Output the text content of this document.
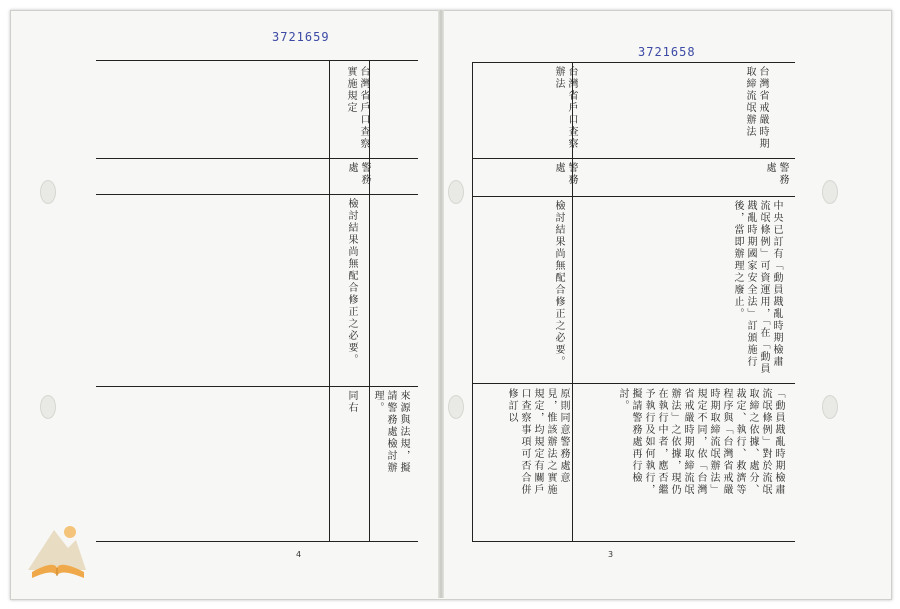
3721659
台灣省戶口查察實施規定
警務處
檢討結果尚無配合修正之必要。
同右	來源與法規，擬請警務處檢討辦理。
4
3721658
台灣省戶口查察辦法	台灣省戒嚴時期取締流氓辦法
警務處	警務處
檢討結果尚無配合修正之必要。	中央已訂有「動員戡亂時期檢肅流氓條例」可資運用，「在「動員戡亂時期國家安全法」訂頒施行後，當即辦理之廢止。
原則同意警務處意見，惟該辦法之實施規定，均規定有關戶口查察事項可否合併修訂以	「動員戡亂時期檢肅流氓條例」對於流氓取締之依據、處分、裁定、執行、救濟等程序與「台灣省戒嚴時期取締流氓辦法」規定不同，依「台灣省戒嚴時期取締流氓辦法」之依據，現仍在執行中者，應否繼予執行及如何執行，擬請警務處再行檢討。
3
